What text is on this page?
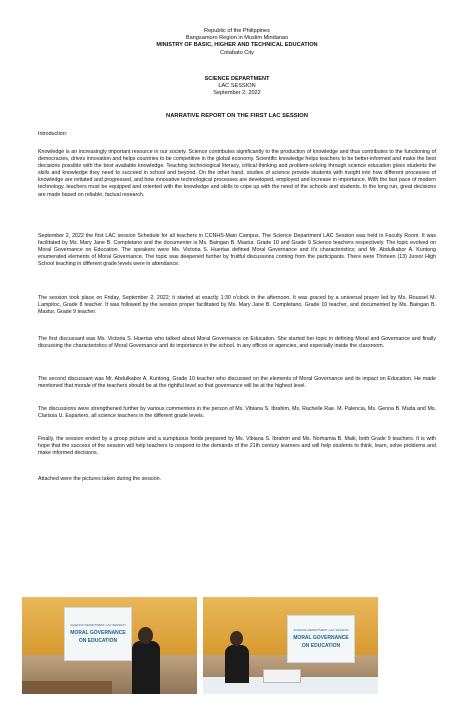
Republic of the Philippines
Bangsamoro Region in Muslim Mindanao
MINISTRY OF BASIC, HIGHER AND TECHNICAL EDUCATION
Cotabato City
SCIENCE DEPARTMENT
LAC SESSION
September 2, 2022
NARRATIVE REPORT ON THE FIRST LAC SESSION
Introduction:
Knowledge is an increasingly important resource in our society. Science contributes significantly to the production of knowledge and thus contributes to the functioning of democracies, drives innovation and helps countries to be competitive in the global economy. Scientific knowledge helps teachers to be better-informed and make the best decisions possible with the best available knowledge. Teaching technological literacy, critical thinking and problem-solving through science education gives students the skills and knowledge they need to succeed in school and beyond. On the other hand, studies of science provide students with insight into how different processes of knowledge are initiated and progressed, and how innovative technological processes are developed, employed and increase in importance. With the fast pace of modern technology, teachers must be equipped and oriented with the knowledge and skills to cope up with the need of the schools and students. In the long run, great decisions are made based on reliable, factual research.
September 2, 2022 the first LAC session Schedule for all teachers in CCNHS-Main Campus. The Science Department LAC Session was held in Faculty Room. It was facilitated by Ms. Mary Jane B. Completano and the documenter is Ms. Baingan B. Mastur, Grade 10 and Grade 9 Science teachers respectively. The topic evolved on Moral Governance on Education. The speakers were Ms. Victoria S. Huertas defined Moral Governance and it's characteristics; and Mr. Abdulkabor A. Kuntong enumerated elements of Moral Governance. The topic was deepened further by fruitful discussions coming from the participants. There were Thirteen (13) Junior High School teaching in different grade levels were in attendance.
The session took place on Friday, September 2, 2022; it started at exactly 1:30 o'clock in the afternoon. It was graced by a universal prayer led by Ms. Roussel M. Lampitoc, Grade 8 teacher. It was followed by the session proper facilitated by Ms. Mary Jane B. Completano, Grade 10 teacher, and documented by Ms. Baingan B. Mastur, Grade 9 teacher.
The first discussant was Ms. Victoria S. Huertas who talked about Moral Governance on Education. She started her topic in defining Moral and Governance and finally discussing the characteristics of Moral Governance and its importance in the school, in any offices or agencies, and especially inside the classroom.
The second discussant was Mr. Abdulkabor A. Kuntong, Grade 10 teacher who discussed on the elements of Moral Governance and its impact on Education. He made mentioned that morale of the teachers should be at the rightful level so that governance will be at the highest level.
The discussions were strengthened further by various commenters in the person of Ms. Vibiana S. Ibrahim, Ms. Rachelle Rae. M. Palencia, Ms. Genna B. Muda and Ms. Clarissa U. Espartero, all science teachers in the different grade levels.
Finally, the session ended by a group picture and a sumptuous foods prepared by Ms. Vibiana S. Ibrahim and Ms. Norhamia B. Maik, both Grade 9 teachers. It is with hope that the success of the session will help teachers to respond to the demands of the 21th century learners and will help students to think, learn, solve problems and make informed decisions.
Attached were the pictures taken during the session.
SCIENCE DEPARTMENT LAC SESSION
MORAL GOVERNANCE
ON EDUCATION
SCIENCE DEPARTMENT LAC SESSION
MORAL GOVERNANCE
ON EDUCATION
